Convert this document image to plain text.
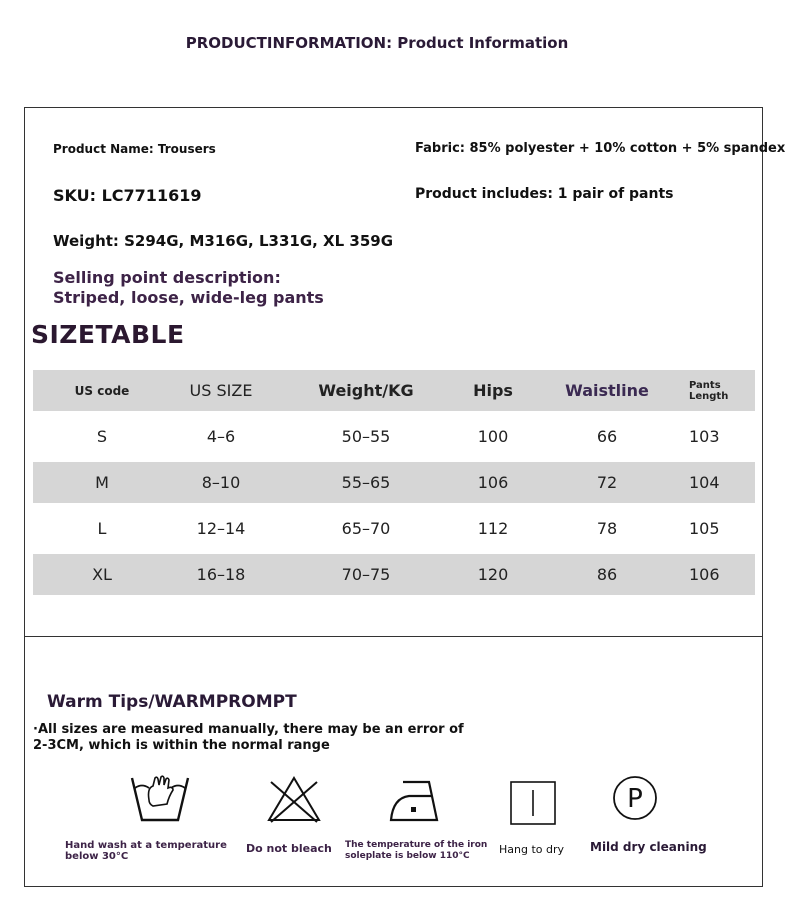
PRODUCTINFORMATION: Product Information
Product Name: Trousers	Fabric: 85% polyester + 10% cotton + 5% spandex
SKU: LC7711619	Product includes: 1 pair of pants
Weight: S294G, M316G, L331G, XL 359G
Selling point description:
Striped, loose, wide-leg pants
SIZETABLE
US code	US SIZE	Weight/KG	Hips	Waistline	Pants Length
S	4–6	50–55	100	66	103
M	8–10	55–65	106	72	104
L	12–14	65–70	112	78	105
XL	16–18	70–75	120	86	106
Warm Tips/WARMPROMPT
·All sizes are measured manually, there may be an error of
2-3CM, which is within the normal range
P
Hand wash at a temperature
below 30°C
Do not bleach The temperature of the iron
soleplate is below 110°C	Hang to dry Mild dry cleaning
